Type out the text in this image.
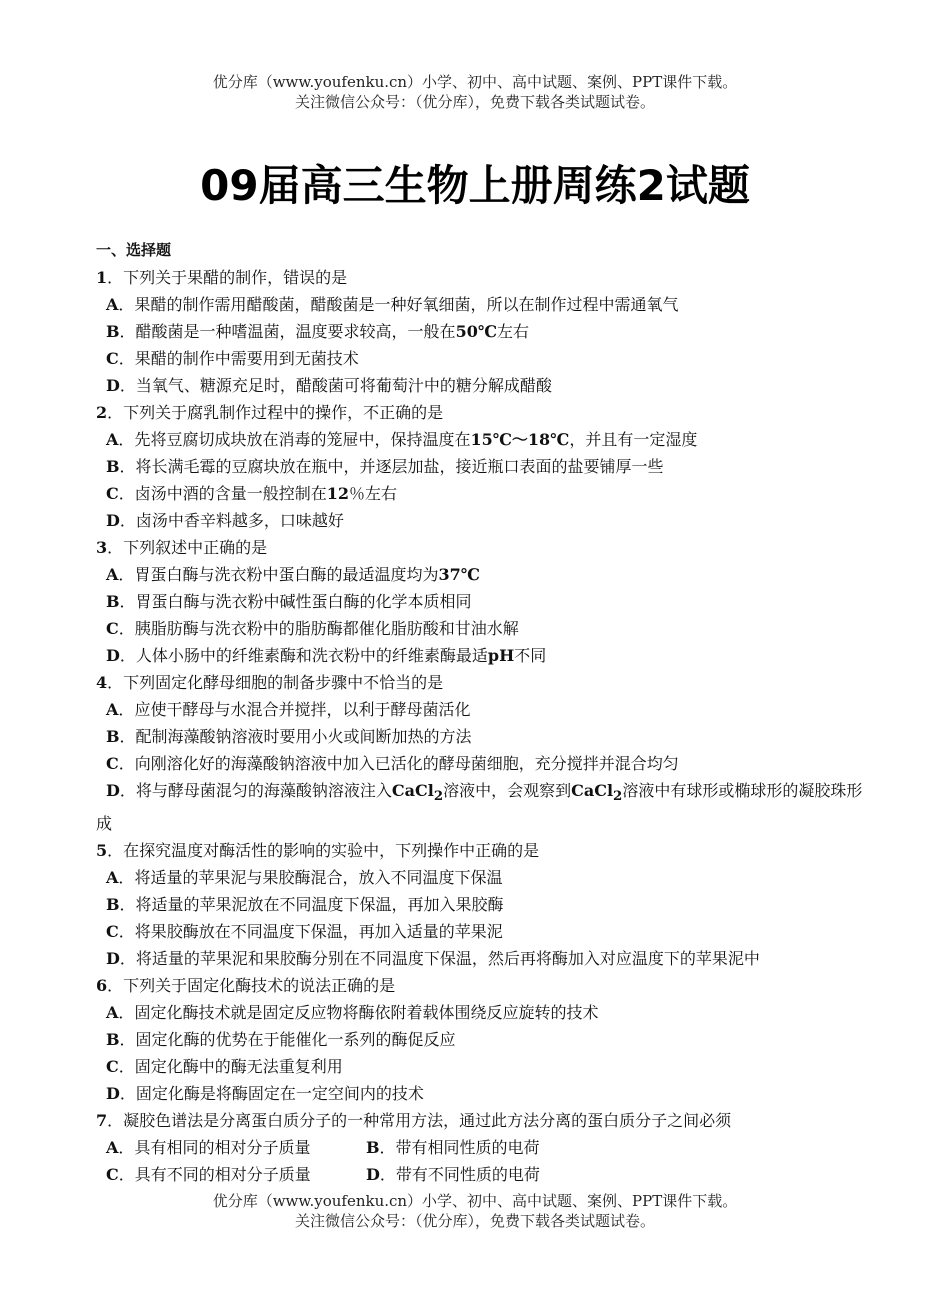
优分库（www.youfenku.cn）小学、初中、高中试题、案例、PPT课件下载。
关注微信公众号：（优分库），免费下载各类试题试卷。
09届高三生物上册周练2试题
一、选择题
1．下列关于果醋的制作，错误的是
A．果醋的制作需用醋酸菌，醋酸菌是一种好氧细菌，所以在制作过程中需通氧气
B．醋酸菌是一种嗜温菌，温度要求较高，一般在50℃左右
C．果醋的制作中需要用到无菌技术
D．当氧气、糖源充足时，醋酸菌可将葡萄汁中的糖分解成醋酸
2．下列关于腐乳制作过程中的操作，不正确的是
A．先将豆腐切成块放在消毒的笼屉中，保持温度在15℃～18℃，并且有一定湿度
B．将长满毛霉的豆腐块放在瓶中，并逐层加盐，接近瓶口表面的盐要铺厚一些
C．卤汤中酒的含量一般控制在12％左右
D．卤汤中香辛料越多，口味越好
3．下列叙述中正确的是
A．胃蛋白酶与洗衣粉中蛋白酶的最适温度均为37℃
B．胃蛋白酶与洗衣粉中碱性蛋白酶的化学本质相同
C．胰脂肪酶与洗衣粉中的脂肪酶都催化脂肪酸和甘油水解
D．人体小肠中的纤维素酶和洗衣粉中的纤维素酶最适pH不同
4．下列固定化酵母细胞的制备步骤中不恰当的是
A．应使干酵母与水混合并搅拌，以利于酵母菌活化
B．配制海藻酸钠溶液时要用小火或间断加热的方法
C．向刚溶化好的海藻酸钠溶液中加入已活化的酵母菌细胞，充分搅拌并混合均匀
D．将与酵母菌混匀的海藻酸钠溶液注入CaCl$_2$溶液中，会观察到CaCl$_2$溶液中有球形或椭球形的凝胶珠形成
5．在探究温度对酶活性的影响的实验中，下列操作中正确的是
A．将适量的苹果泥与果胶酶混合，放入不同温度下保温
B．将适量的苹果泥放在不同温度下保温，再加入果胶酶
C．将果胶酶放在不同温度下保温，再加入适量的苹果泥
D．将适量的苹果泥和果胶酶分别在不同温度下保温，然后再将酶加入对应温度下的苹果泥中
6．下列关于固定化酶技术的说法正确的是
A．固定化酶技术就是固定反应物将酶依附着载体围绕反应旋转的技术
B．固定化酶的优势在于能催化一系列的酶促反应
C．固定化酶中的酶无法重复利用
D．固定化酶是将酶固定在一定空间内的技术
7．凝胶色谱法是分离蛋白质分子的一种常用方法，通过此方法分离的蛋白质分子之间必须
A．具有相同的相对分子质量	B．带有相同性质的电荷
C．具有不同的相对分子质量	D．带有不同性质的电荷
优分库（www.youfenku.cn）小学、初中、高中试题、案例、PPT课件下载。
关注微信公众号：（优分库），免费下载各类试题试卷。
